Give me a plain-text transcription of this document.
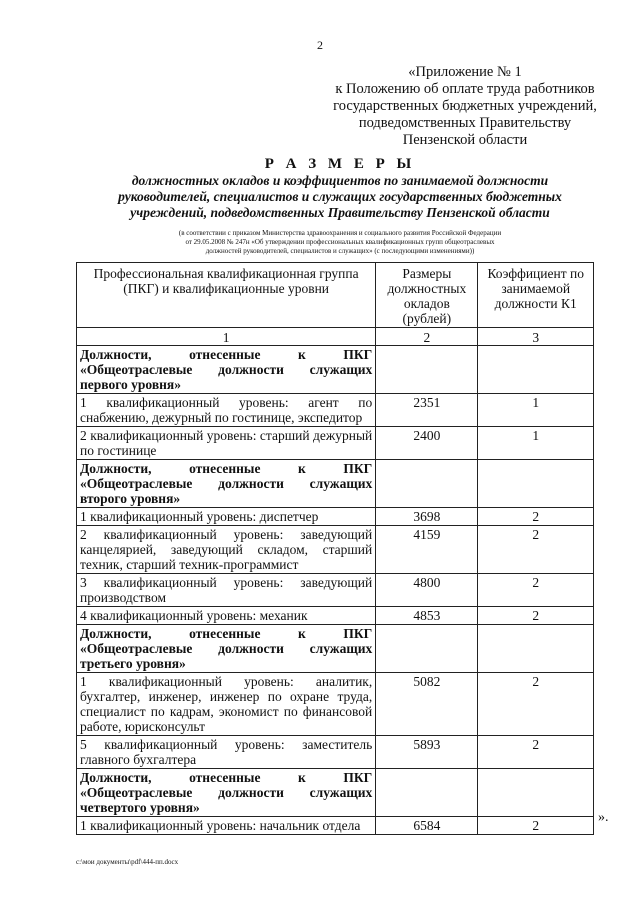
2
«Приложение № 1
к Положению об оплате труда работников
государственных бюджетных учреждений,
подведомственных Правительству
Пензенской области
Р А З М Е Р Ы
должностных окладов и коэффициентов по занимаемой должности
руководителей, специалистов и служащих государственных бюджетных
учреждений, подведомственных Правительству Пензенской области
(в соответствии с приказом Министерства здравоохранения и социального развития Российской Федерации
от 29.05.2008 № 247н «Об утверждении профессиональных квалификационных групп общеотраслевых
должностей руководителей, специалистов и служащих» (с последующими изменениями))
Профессиональная квалификационная группа (ПКГ) и квалификационные уровни	Размеры должностных окладов (рублей)	Коэффициент по занимаемой должности К1
1	2	3
Должности, отнесенные к ПКГ «Общеотраслевые должности служащих первого уровня»		
1 квалификационный уровень: агент по снабжению, дежурный по гостинице, экспедитор	2351	1
2 квалификационный уровень: старший дежурный по гостинице	2400	1
Должности, отнесенные к ПКГ «Общеотраслевые должности служащих второго уровня»		
1 квалификационный уровень: диспетчер	3698	2
2 квалификационный уровень: заведующий канцелярией, заведующий складом, старший техник, старший техник-программист	4159	2
3 квалификационный уровень: заведующий производством	4800	2
4 квалификационный уровень: механик	4853	2
Должности, отнесенные к ПКГ «Общеотраслевые должности служащих третьего уровня»		
1 квалификационный уровень: аналитик, бухгалтер, инженер, инженер по охране труда, специалист по кадрам, экономист по финансовой работе, юрисконсульт	5082	2
5 квалификационный уровень: заместитель главного бухгалтера	5893	2
Должности, отнесенные к ПКГ «Общеотраслевые должности служащих четвертого уровня»		
1 квалификационный уровень: начальник отдела	6584	2
».
c:\мои документы\pdf\444-пп.docx
